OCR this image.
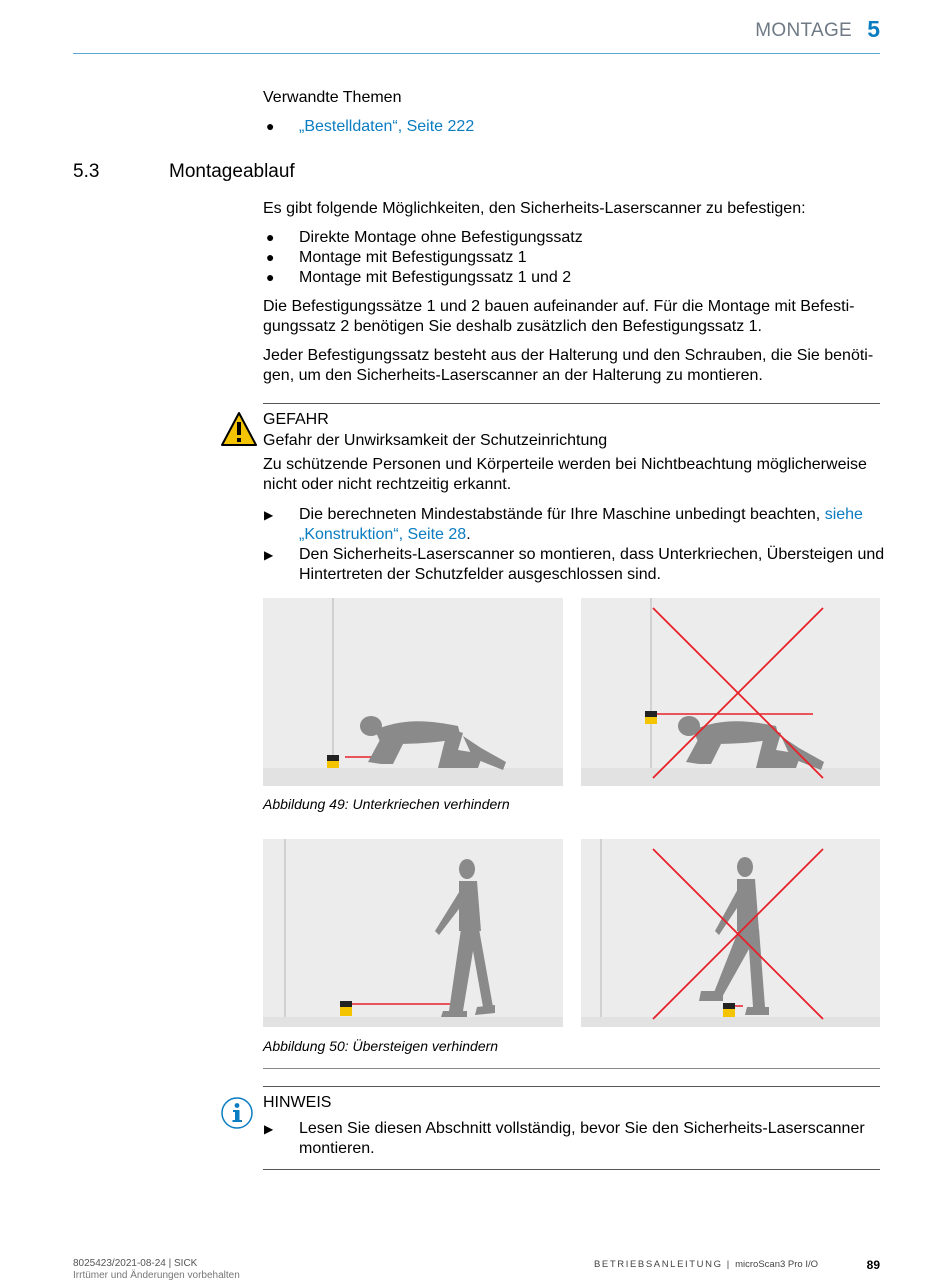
MONTAGE 5
Verwandte Themen
● „Bestelldaten“, Seite 222
5.3	Montageablauf
Es gibt folgende Möglichkeiten, den Sicherheits-Laserscanner zu befestigen:
● Direkte Montage ohne Befestigungssatz
● Montage mit Befestigungssatz 1
● Montage mit Befestigungssatz 1 und 2
Die Befestigungssätze 1 und 2 bauen aufeinander auf. Für die Montage mit Befesti-
gungssatz 2 benötigen Sie deshalb zusätzlich den Befestigungssatz 1.
Jeder Befestigungssatz besteht aus der Halterung und den Schrauben, die Sie benöti-
gen, um den Sicherheits-Laserscanner an der Halterung zu montieren.
GEFAHR
Gefahr der Unwirksamkeit der Schutzeinrichtung
Zu schützende Personen und Körperteile werden bei Nichtbeachtung möglicherweise
nicht oder nicht rechtzeitig erkannt.
▶ Die berechneten Mindestabstände für Ihre Maschine unbedingt beachten, siehe
„Konstruktion“, Seite 28.
▶ Den Sicherheits-Laserscanner so montieren, dass Unterkriechen, Übersteigen und
Hintertreten der Schutzfelder ausgeschlossen sind.
Abbildung 49: Unterkriechen verhindern
Abbildung 50: Übersteigen verhindern
HINWEIS
▶ Lesen Sie diesen Abschnitt vollständig, bevor Sie den Sicherheits-Laserscanner
montieren.
8025423/2021-08-24 | SICK
Irrtümer und Änderungen vorbehalten
BETRIEBSANLEITUNG | microScan3 Pro I/O	89
